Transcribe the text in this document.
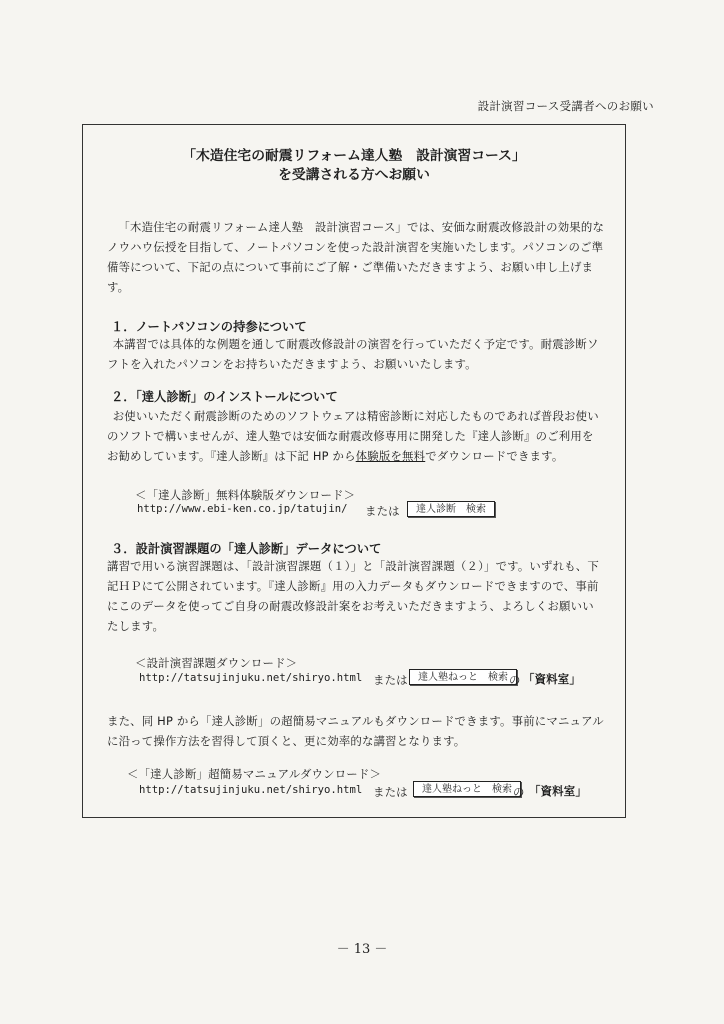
設計演習コース受講者へのお願い
「木造住宅の耐震リフォーム達人塾　設計演習コース」
を受講される方へお願い

「木造住宅の耐震リフォーム達人塾　設計演習コース」では、安価な耐震改修設計の効果的なノウハウ伝授を目指して、ノートパソコンを使った設計演習を実施いたします。パソコンのご準備等について、下記の点について事前にご了解・ご準備いただきますよう、お願い申し上げます。

１．ノートパソコンの持参について

本講習では具体的な例題を通して耐震改修設計の演習を行っていただく予定です。耐震診断ソフトを入れたパソコンをお持ちいただきますよう、お願いいたします。

２．「達人診断」のインストールについて

お使いいただく耐震診断のためのソフトウェアは精密診断に対応したものであれば普段お使いのソフトで構いませんが、達人塾では安価な耐震改修専用に開発した『達人診断』のご利用をお勧めしています。『達人診断』は下記 HP から体験版を無料でダウンロードできます。

＜「達人診断」無料体験版ダウンロード＞
http://www.ebi-ken.co.jp/tatujin/ または	達人診断　検索
３．設計演習課題の「達人診断」データについて

講習で用いる演習課題は、「設計演習課題（１）」と「設計演習課題（２）」です。いずれも、下記ＨＰにて公開されています。『達人診断』用の入力データもダウンロードできますので、事前にこのデータを使ってご自身の耐震改修設計案をお考えいただきますよう、よろしくお願いいたします。

＜設計演習課題ダウンロード＞
http://tatsujinjuku.net/shiryo.html または	達人塾ねっと　検索 の 「資料室」

また、同 HP から「達人診断」の超簡易マニュアルもダウンロードできます。事前にマニュアルに沿って操作方法を習得して頂くと、更に効率的な講習となります。

＜「達人診断」超簡易マニュアルダウンロード＞
http://tatsujinjuku.net/shiryo.html または	達人塾ねっと　検索 の 「資料室」
－ 13 －
